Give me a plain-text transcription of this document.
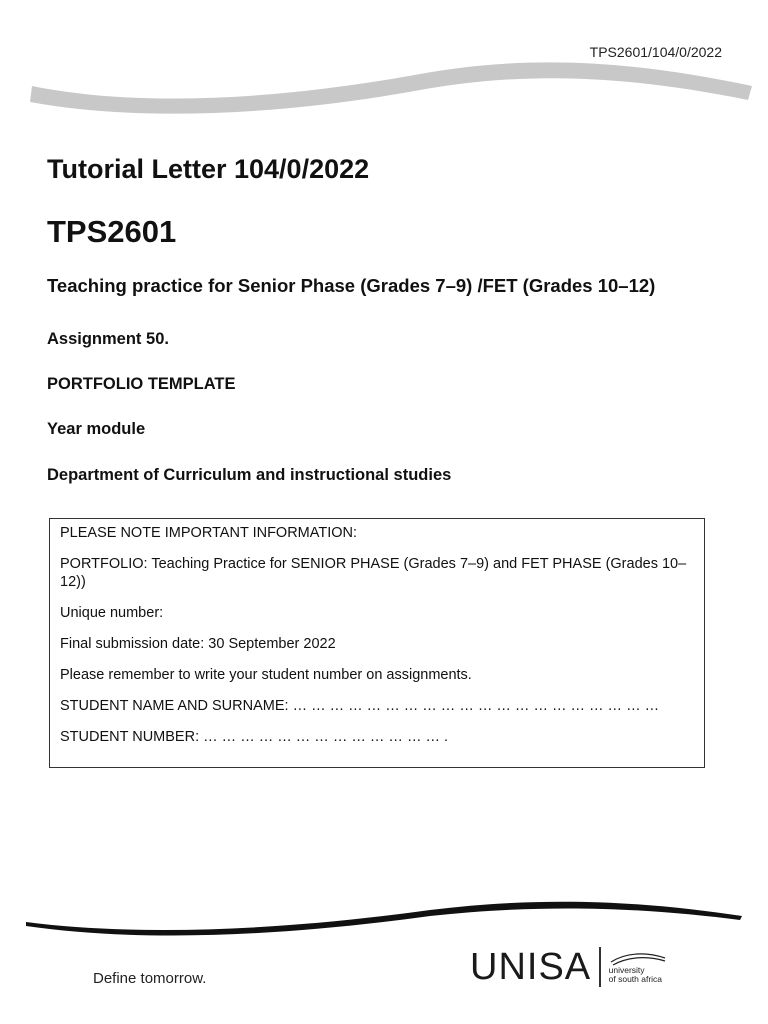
TPS2601/104/0/2022
Tutorial Letter 104/0/2022
TPS2601
Teaching practice for Senior Phase (Grades 7–9) /FET (Grades 10–12)

Assignment 50.

PORTFOLIO TEMPLATE

Year module

Department of Curriculum and instructional studies

PLEASE NOTE IMPORTANT INFORMATION:

PORTFOLIO: Teaching Practice for SENIOR PHASE (Grades 7–9) and FET PHASE (Grades 10–12))

Unique number:

Final submission date: 30 September 2022

Please remember to write your student number on assignments.

STUDENT NAME AND SURNAME: … … … … … … … … … … … … … … … … … … … …

STUDENT NUMBER: … … … … … … … … … … … … … .

Define tomorrow.	UNISA university
of south africa
